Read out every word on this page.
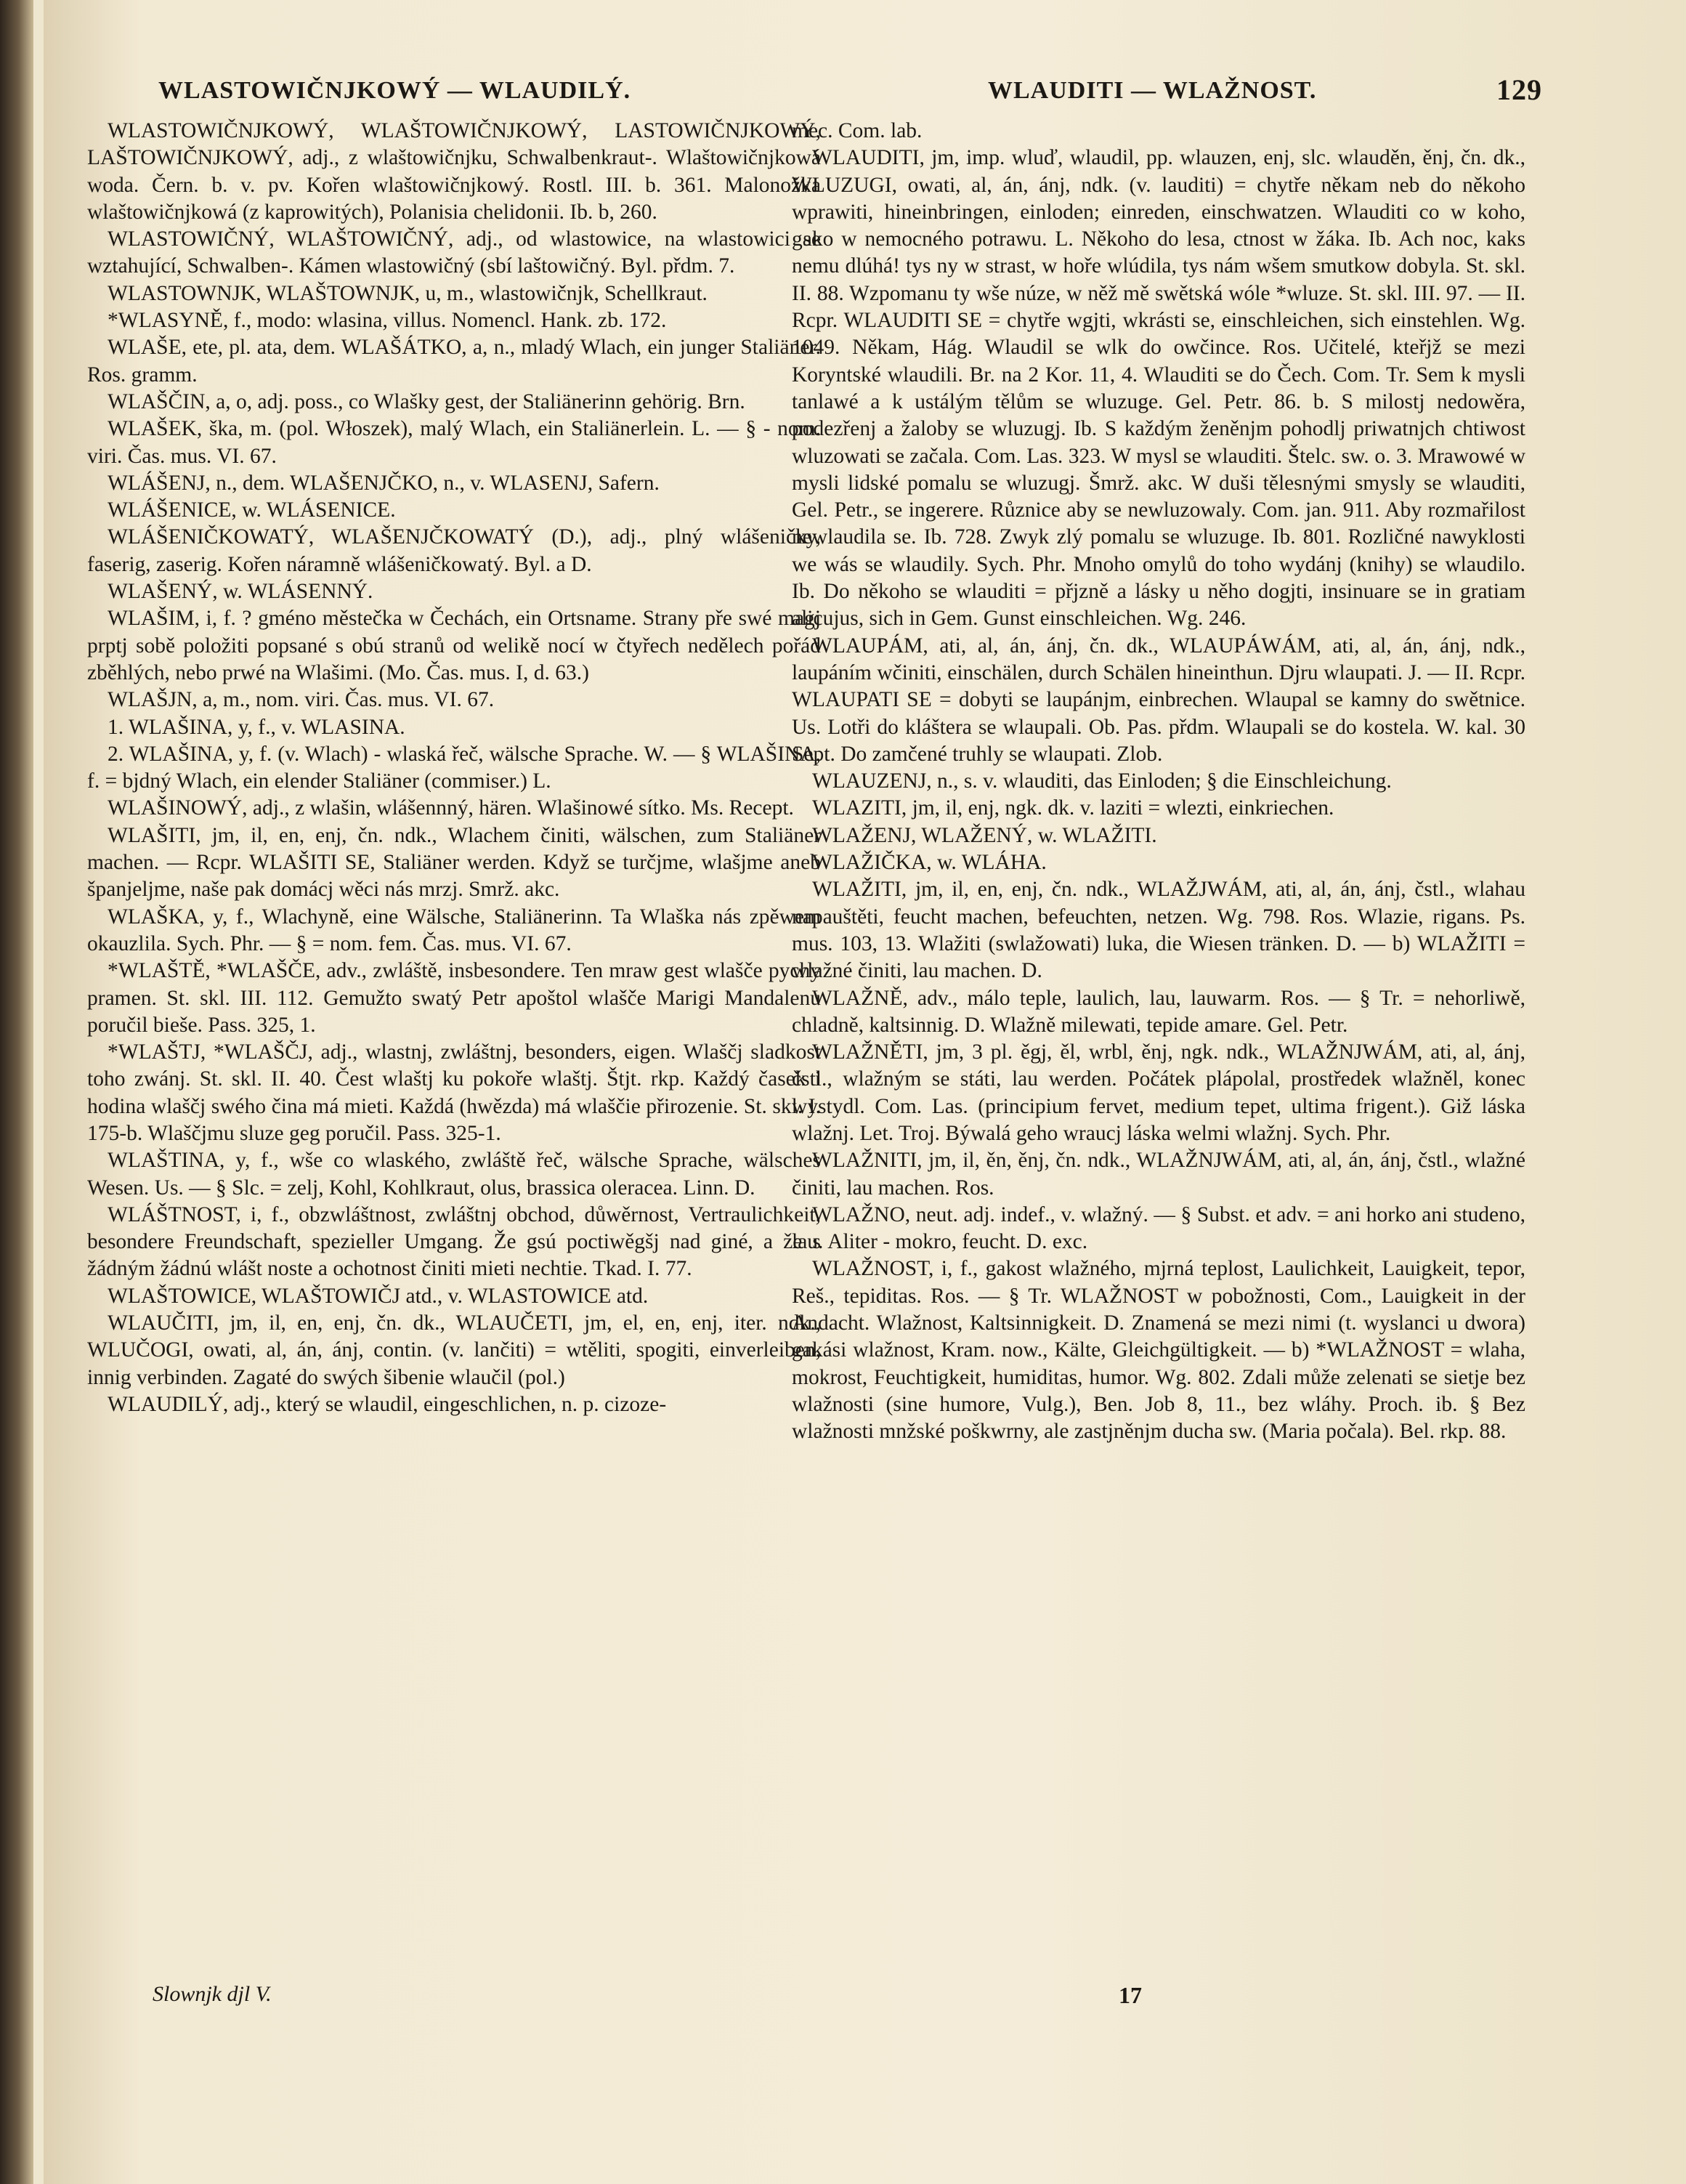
WLASTOWIČNJKOWÝ — WLAUDILÝ.	WLAUDITI — WLAŽNOST.	129

WLASTOWIČNJKOWÝ, WLAŠTOWIČNJKOWÝ, LASTOWIČNJKOWÝ, LAŠTOWIČNJKOWÝ, adj., z wlaštowičnjku, Schwalbenkraut-. Wlaštowičnjkowá woda. Čern. b. v. pv. Kořen wlaštowičnjkowý. Rostl. III. b. 361. Malonožka wlaštowičnjkowá (z kaprowitých), Polanisia chelidonii. Ib. b, 260.

WLASTOWIČNÝ, WLAŠTOWIČNÝ, adj., od wlastowice, na wlastowici se wztahující, Schwalben-. Kámen wlastowičný (sbí laštowičný. Byl. přdm. 7.

WLASTOWNJK, WLAŠTOWNJK, u, m., wlastowičnjk, Schellkraut.

*WLASYNĚ, f., modo: wlasina, villus. Nomencl. Hank. zb. 172.

WLAŠE, ete, pl. ata, dem. WLAŠÁTKO, a, n., mladý Wlach, ein junger Staliäner. Ros. gramm.

WLAŠČIN, a, o, adj. poss., co Wlašky gest, der Staliänerinn gehörig. Brn.

WLAŠEK, ška, m. (pol. Włoszek), malý Wlach, ein Staliänerlein. L. — § - nom. viri. Čas. mus. VI. 67.

WLÁŠENJ, n., dem. WLAŠENJČKO, n., v. WLASENJ, Safern.

WLÁŠENICE, w. WLÁSENICE.

WLÁŠENIČKOWATÝ, WLAŠENJČKOWATÝ (D.), adj., plný wlášeničky, faserig, zaserig. Kořen náramně wlášeničkowatý. Byl. a D.

WLAŠENÝ, w. WLÁSENNÝ.

WLAŠIM, i, f. ? gméno městečka w Čechách, ein Ortsname. Strany pře swé magj prptj sobě položiti popsané s obú stranů od welikě nocí w čtyřech nedělech pořád zběhlých, nebo prwé na Wlašimi. (Mo. Čas. mus. I, d. 63.)

WLAŠJN, a, m., nom. viri. Čas. mus. VI. 67.

1. WLAŠINA, y, f., v. WLASINA.

2. WLAŠINA, y, f. (v. Wlach) - wlaská řeč, wälsche Sprache. W. — § WLAŠINA, f. = bjdný Wlach, ein elender Staliäner (commiser.) L.

WLAŠINOWÝ, adj., z wlašin, wlášennný, hären. Wlašinowé sítko. Ms. Recept.

WLAŠITI, jm, il, en, enj, čn. ndk., Wlachem činiti, wälschen, zum Staliäner machen. — Rcpr. WLAŠITI SE, Staliäner werden. Když se turčjme, wlašjme aneb španjeljme, naše pak domácj wěci nás mrzj. Smrž. akc.

WLAŠKA, y, f., Wlachyně, eine Wälsche, Staliänerinn. Ta Wlaška nás zpěwem okauzlila. Sych. Phr. — § = nom. fem. Čas. mus. VI. 67.

*WLAŠTĚ, *WLAŠČE, adv., zwláště, insbesondere. Ten mraw gest wlašče pychy pramen. St. skl. III. 112. Gemužto swatý Petr apoštol wlašče Marigi Mandalenu poručil bieše. Pass. 325, 1.

*WLAŠTJ, *WLAŠČJ, adj., wlastnj, zwláštnj, besonders, eigen. Wlaščj sladkost toho zwánj. St. skl. II. 40. Čest wlaštj ku pokoře wlaštj. Štjt. rkp. Každý časek i hodina wlaščj swého čina má mieti. Každá (hwězda) má wlaščie přirozenie. St. skl. I. 175-b. Wlaščjmu sluze geg poručil. Pass. 325-1.

WLAŠTINA, y, f., wše co wlaského, zwláště řeč, wälsche Sprache, wälsches Wesen. Us. — § Slc. = zelj, Kohl, Kohlkraut, olus, brassica oleracea. Linn. D.

WLÁŠTNOST, i, f., obzwláštnost, zwláštnj obchod, důwěrnost, Vertraulichkeit, besondere Freundschaft, spezieller Umgang. Že gsú poctiwěgšj nad giné, a že s žádným žádnú wlášt noste a ochotnost činiti mieti nechtie. Tkad. I. 77.

WLAŠTOWICE, WLAŠTOWIČJ atd., v. WLASTOWICE atd.

WLAUČITI, jm, il, en, enj, čn. dk., WLAUČETI, jm, el, en, enj, iter. ndk., WLUČOGI, owati, al, án, ánj, contin. (v. lančiti) = wtěliti, spogiti, einverleiben, innig verbinden. Zagaté do swých šibenie wlaučil (pol.)

WLAUDILÝ, adj., který se wlaudil, eingeschlichen, n. p. cizoze-

mec. Com. lab.

WLAUDITI, jm, imp. wluď, wlaudil, pp. wlauzen, enj, slc. wlauděn, ěnj, čn. dk., WLUZUGI, owati, al, án, ánj, ndk. (v. lauditi) = chytře někam neb do někoho wprawiti, hineinbringen, einloden; einreden, einschwatzen. Wlauditi co w koho, gako w nemocného potrawu. L. Někoho do lesa, ctnost w žáka. Ib. Ach noc, kaks nemu dlúhá! tys ny w strast, w hoře wlúdila, tys nám wšem smutkow dobyla. St. skl. II. 88. Wzpomanu ty wše núze, w něž mě swětská wóle *wluze. St. skl. III. 97. — II. Rcpr. WLAUDITI SE = chytře wgjti, wkrásti se, einschleichen, sich einstehlen. Wg. 1049. Někam, Hág. Wlaudil se wlk do owčince. Ros. Učitelé, kteřjž se mezi Koryntské wlaudili. Br. na 2 Kor. 11, 4. Wlauditi se do Čech. Com. Tr. Sem k mysli tanlawé a k ustálým tělům se wluzuge. Gel. Petr. 86. b. S milostj nedowěra, podezřenj a žaloby se wluzugj. Ib. S každým ženěnjm pohodlj priwatnjch chtiwost wluzowati se začala. Com. Las. 323. W mysl se wlauditi. Štelc. sw. o. 3. Mrawowé w mysli lidské pomalu se wluzugj. Šmrž. akc. W duši tělesnými smysly se wlauditi, Gel. Petr., se ingerere. Různice aby se newluzowaly. Com. jan. 911. Aby rozmařilost newlaudila se. Ib. 728. Zwyk zlý pomalu se wluzuge. Ib. 801. Rozličné nawyklosti we wás se wlaudily. Sych. Phr. Mnoho omylů do toho wydánj (knihy) se wlaudilo. Ib. Do někoho se wlauditi = přjzně a lásky u něho dogjti, insinuare se in gratiam alicujus, sich in Gem. Gunst einschleichen. Wg. 246.

WLAUPÁM, ati, al, án, ánj, čn. dk., WLAUPÁWÁM, ati, al, án, ánj, ndk., laupáním wčiniti, einschälen, durch Schälen hineinthun. Djru wlaupati. J. — II. Rcpr. WLAUPATI SE = dobyti se laupánjm, einbrechen. Wlaupal se kamny do swětnice. Us. Lotři do kláštera se wlaupali. Ob. Pas. přdm. Wlaupali se do kostela. W. kal. 30 Sept. Do zamčené truhly se wlaupati. Zlob.

WLAUZENJ, n., s. v. wlauditi, das Einloden; § die Einschleichung.

WLAZITI, jm, il, enj, ngk. dk. v. laziti = wlezti, einkriechen.

WLAŽENJ, WLAŽENÝ, w. WLAŽITI.

WLAŽIČKA, w. WLÁHA.

WLAŽITI, jm, il, en, enj, čn. ndk., WLAŽJWÁM, ati, al, án, ánj, čstl., wlahau napauštěti, feucht machen, befeuchten, netzen. Wg. 798. Ros. Wlazie, rigans. Ps. mus. 103, 13. Wlažiti (swlažowati) luka, die Wiesen tränken. D. — b) WLAŽITI = wlažné činiti, lau machen. D.

WLAŽNĚ, adv., málo teple, laulich, lau, lauwarm. Ros. — § Tr. = nehorliwě, chladně, kaltsinnig. D. Wlažně milewati, tepide amare. Gel. Petr.

WLAŽNĚTI, jm, 3 pl. ěgj, ěl, wrbl, ěnj, ngk. ndk., WLAŽNJWÁM, ati, al, ánj, čstl., wlažným se státi, lau werden. Počátek plápolal, prostředek wlažněl, konec wystydl. Com. Las. (principium fervet, medium tepet, ultima frigent.). Giž láska wlažnj. Let. Troj. Býwalá geho wraucj láska welmi wlažnj. Sych. Phr.

WLAŽNITI, jm, il, ěn, ěnj, čn. ndk., WLAŽNJWÁM, ati, al, án, ánj, čstl., wlažné činiti, lau machen. Ros.

WLAŽNO, neut. adj. indef., v. wlažný. — § Subst. et adv. = ani horko ani studeno, lau. Aliter - mokro, feucht. D. exc.

WLAŽNOST, i, f., gakost wlažného, mjrná teplost, Laulichkeit, Lauigkeit, tepor, Reš., tepiditas. Ros. — § Tr. WLAŽNOST w pobožnosti, Com., Lauigkeit in der Andacht. Wlažnost, Kaltsinnigkeit. D. Znamená se mezi nimi (t. wyslanci u dwora) gakási wlažnost, Kram. now., Kälte, Gleichgültigkeit. — b) *WLAŽNOST = wlaha, mokrost, Feuchtigkeit, humiditas, humor. Wg. 802. Zdali může zelenati se sietje bez wlažnosti (sine humore, Vulg.), Ben. Job 8, 11., bez wláhy. Proch. ib. § Bez wlažnosti mnžské poškwrny, ale zastjněnjm ducha sw. (Maria počala). Bel. rkp. 88.

Slownjk djl V.	17
